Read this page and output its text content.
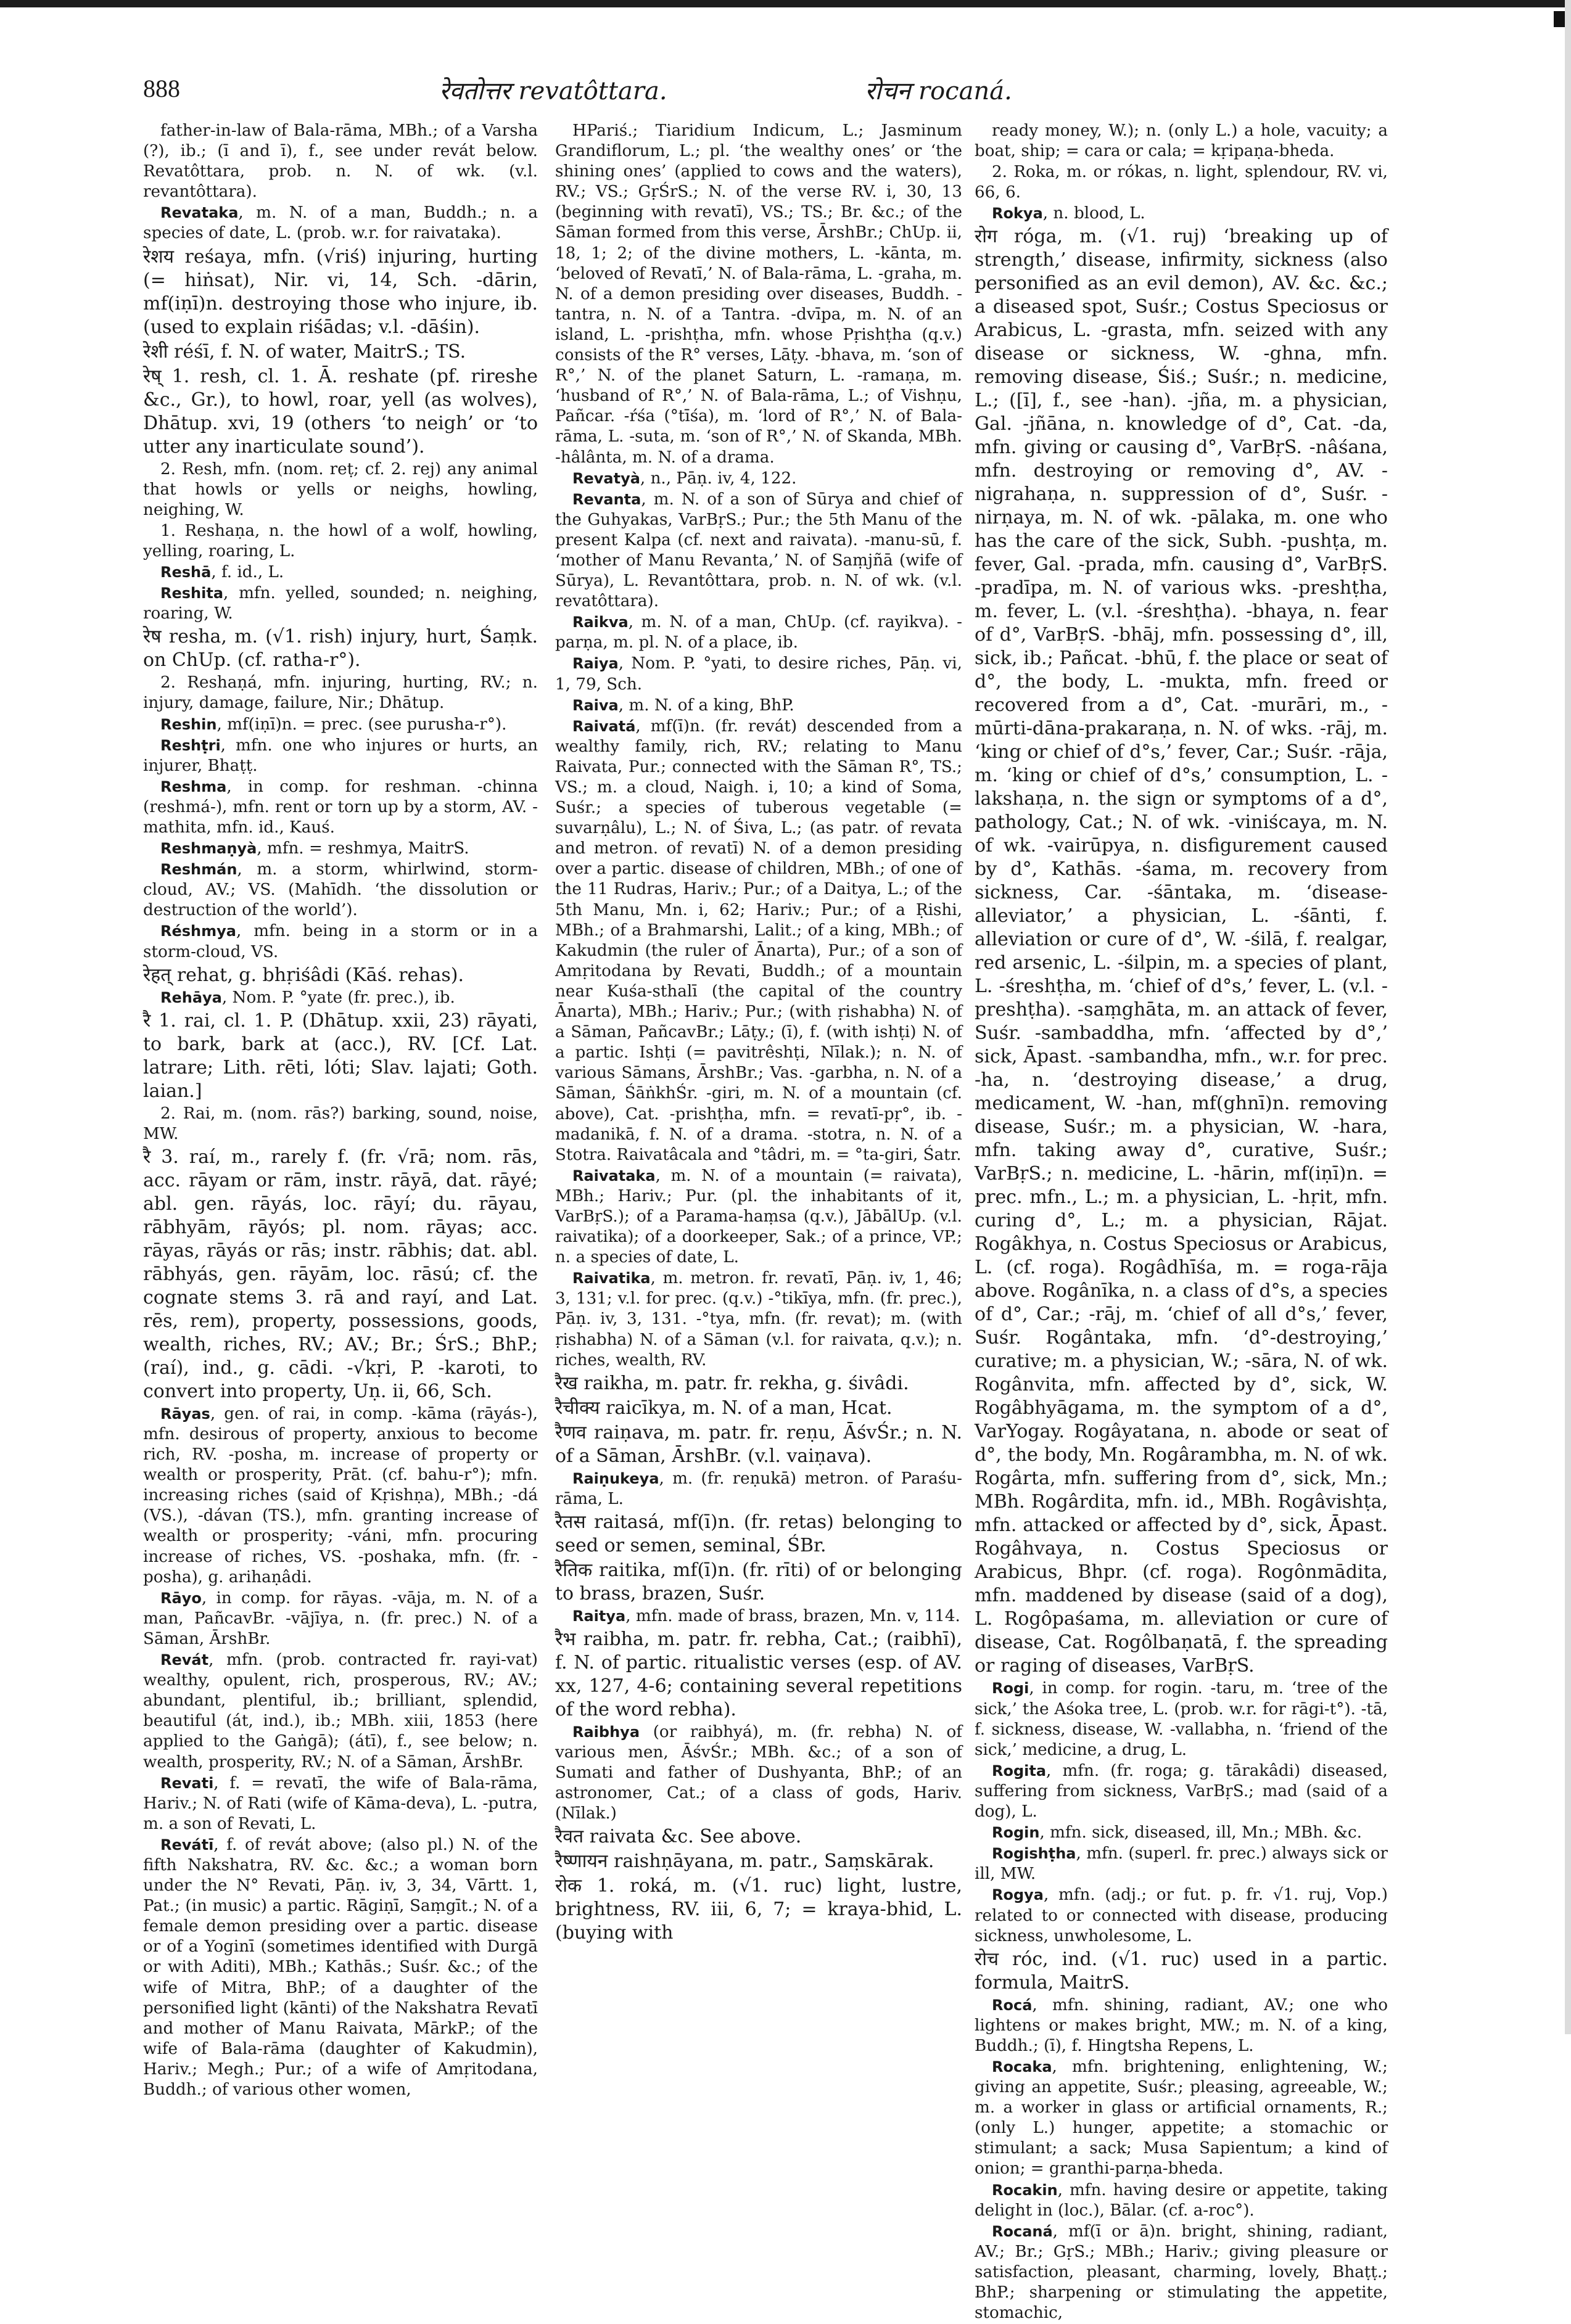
888	रेवतोत्तर revatôttara.	रोचन rocaná.

father-in-law of Bala-rāma, MBh.; of a Varsha (?), ib.; (ī and ī), f., see under revát below. Revatôttara, prob. n. N. of wk. (v.l. revantôttara).

Revataka, m. N. of a man, Buddh.; n. a species of date, L. (prob. w.r. for raivataka).

रेशय reśaya, mfn. (√riś) injuring, hurting (= hiṅsat), Nir. vi, 14, Sch. -dārin, mf(iṇī)n. destroying those who injure, ib. (used to explain riśādas; v.l. -dāśin).

रेशी réśī, f. N. of water, MaitrS.; TS.

रेष् 1. resh, cl. 1. Ā. reshate (pf. rireshe &c., Gr.), to howl, roar, yell (as wolves), Dhātup. xvi, 19 (others ‘to neigh’ or ‘to utter any inarticulate sound’).

2. Resh, mfn. (nom. reṭ; cf. 2. rej) any animal that howls or yells or neighs, howling, neighing, W.

1. Reshaṇa, n. the howl of a wolf, howling, yelling, roaring, L.

Reshā, f. id., L.

Reshita, mfn. yelled, sounded; n. neighing, roaring, W.

रेष resha, m. (√1. rish) injury, hurt, Śaṃk. on ChUp. (cf. ratha-r°).

2. Reshaṇá, mfn. injuring, hurting, RV.; n. injury, damage, failure, Nir.; Dhātup.

Reshin, mf(iṇī)n. = prec. (see purusha-r°).

Reshṭri, mfn. one who injures or hurts, an injurer, Bhaṭṭ.

Reshma, in comp. for reshman. -chinna (reshmá-), mfn. rent or torn up by a storm, AV. -mathita, mfn. id., Kauś.

Reshmaṇyà, mfn. = reshmya, MaitrS.

Reshmán, m. a storm, whirlwind, storm-cloud, AV.; VS. (Mahīdh. ‘the dissolution or destruction of the world’).

Réshmya, mfn. being in a storm or in a storm-cloud, VS.

रेहत् rehat, g. bhṛiśâdi (Kāś. rehas).

Rehāya, Nom. P. °yate (fr. prec.), ib.

रै 1. rai, cl. 1. P. (Dhātup. xxii, 23) rāyati, to bark, bark at (acc.), RV. [Cf. Lat. latrare; Lith. rēti, lóti; Slav. lajati; Goth. laian.]

2. Rai, m. (nom. rās?) barking, sound, noise, MW.

रै 3. raí, m., rarely f. (fr. √rā; nom. rās, acc. rāyam or rām, instr. rāyā, dat. rāyé; abl. gen. rāyás, loc. rāyí; du. rāyau, rābhyām, rāyós; pl. nom. rāyas; acc. rāyas, rāyás or rās; instr. rābhis; dat. abl. rābhyás, gen. rāyām, loc. rāsú; cf. the cognate stems 3. rā and rayí, and Lat. rēs, rem), property, possessions, goods, wealth, riches, RV.; AV.; Br.; ŚrS.; BhP.; (raí), ind., g. cādi. -√kṛi, P. -karoti, to convert into property, Uṇ. ii, 66, Sch.

Rāyas, gen. of rai, in comp. -kāma (rāyás-), mfn. desirous of property, anxious to become rich, RV. -posha, m. increase of property or wealth or prosperity, Prāt. (cf. bahu-r°); mfn. increasing riches (said of Kṛishṇa), MBh.; -dá (VS.), -dávan (TS.), mfn. granting increase of wealth or prosperity; -váni, mfn. procuring increase of riches, VS. -poshaka, mfn. (fr. -posha), g. arihaṇâdi.

Rāyo, in comp. for rāyas. -vāja, m. N. of a man, PañcavBr. -vājīya, n. (fr. prec.) N. of a Sāman, ĀrshBr.

Revát, mfn. (prob. contracted fr. rayi-vat) wealthy, opulent, rich, prosperous, RV.; AV.; abundant, plentiful, ib.; brilliant, splendid, beautiful (át, ind.), ib.; MBh. xiii, 1853 (here applied to the Gaṅgā); (átī), f., see below; n. wealth, prosperity, RV.; N. of a Sāman, ĀrshBr.

Revati, f. = revatī, the wife of Bala-rāma, Hariv.; N. of Rati (wife of Kāma-deva), L. -putra, m. a son of Revati, L.

Revátī, f. of revát above; (also pl.) N. of the fifth Nakshatra, RV. &c. &c.; a woman born under the N° Revati, Pāṇ. iv, 3, 34, Vārtt. 1, Pat.; (in music) a partic. Rāgiṇī, Saṃgīt.; N. of a female demon presiding over a partic. disease or of a Yoginī (sometimes identified with Durgā or with Aditi), MBh.; Kathās.; Suśr. &c.; of the wife of Mitra, BhP.; of a daughter of the personified light (kānti) of the Nakshatra Revatī and mother of Manu Raivata, MārkP.; of the wife of Bala-rāma (daughter of Kakudmin), Hariv.; Megh.; Pur.; of a wife of Amṛitodana, Buddh.; of various other women,

HPariś.; Tiaridium Indicum, L.; Jasminum Grandiflorum, L.; pl. ‘the wealthy ones’ or ‘the shining ones’ (applied to cows and the waters), RV.; VS.; GṛŚrS.; N. of the verse RV. i, 30, 13 (beginning with revatī), VS.; TS.; Br. &c.; of the Sāman formed from this verse, ĀrshBr.; ChUp. ii, 18, 1; 2; of the divine mothers, L. -kānta, m. ‘beloved of Revatī,’ N. of Bala-rāma, L. -graha, m. N. of a demon presiding over diseases, Buddh. -tantra, n. N. of a Tantra. -dvīpa, m. N. of an island, L. -prishṭha, mfn. whose Pṛishṭha (q.v.) consists of the R° verses, Lāṭy. -bhava, m. ‘son of R°,’ N. of the planet Saturn, L. -ramaṇa, m. ‘husband of R°,’ N. of Bala-rāma, L.; of Vishṇu, Pañcar. -ŕśa (°tīśa), m. ‘lord of R°,’ N. of Bala-rāma, L. -suta, m. ‘son of R°,’ N. of Skanda, MBh. -hâlânta, m. N. of a drama.

Revatyà, n., Pāṇ. iv, 4, 122.

Revanta, m. N. of a son of Sūrya and chief of the Guhyakas, VarBṛS.; Pur.; the 5th Manu of the present Kalpa (cf. next and raivata). -manu-sū, f. ‘mother of Manu Revanta,’ N. of Saṃjñā (wife of Sūrya), L. Revantôttara, prob. n. N. of wk. (v.l. revatôttara).

Raikva, m. N. of a man, ChUp. (cf. rayikva). -parṇa, m. pl. N. of a place, ib.

Raiya, Nom. P. °yati, to desire riches, Pāṇ. vi, 1, 79, Sch.

Raiva, m. N. of a king, BhP.

Raivatá, mf(ī)n. (fr. revát) descended from a wealthy family, rich, RV.; relating to Manu Raivata, Pur.; connected with the Sāman R°, TS.; VS.; m. a cloud, Naigh. i, 10; a kind of Soma, Suśr.; a species of tuberous vegetable (= suvarṇâlu), L.; N. of Śiva, L.; (as patr. of revata and metron. of revatī) N. of a demon presiding over a partic. disease of children, MBh.; of one of the 11 Rudras, Hariv.; Pur.; of a Daitya, L.; of the 5th Manu, Mn. i, 62; Hariv.; Pur.; of a Ṛishi, MBh.; of a Brahmarshi, Lalit.; of a king, MBh.; of Kakudmin (the ruler of Ānarta), Pur.; of a son of Amṛitodana by Revati, Buddh.; of a mountain near Kuśa-sthalī (the capital of the country Ānarta), MBh.; Hariv.; Pur.; (with ṛishabha) N. of a Sāman, PañcavBr.; Lāṭy.; (ī), f. (with ishṭi) N. of a partic. Ishṭi (= pavitrêshṭi, Nīlak.); n. N. of various Sāmans, ĀrshBr.; Vas. -garbha, n. N. of a Sāman, ŚāṅkhŚr. -giri, m. N. of a mountain (cf. above), Cat. -prishṭha, mfn. = revatī-pṛ°, ib. -madanikā, f. N. of a drama. -stotra, n. N. of a Stotra. Raivatâcala and °tâdri, m. = °ta-giri, Śatr.

Raivataka, m. N. of a mountain (= raivata), MBh.; Hariv.; Pur. (pl. the inhabitants of it, VarBṛS.); of a Parama-haṃsa (q.v.), JābālUp. (v.l. raivatika); of a doorkeeper, Sak.; of a prince, VP.; n. a species of date, L.

Raivatika, m. metron. fr. revatī, Pāṇ. iv, 1, 46; 3, 131; v.l. for prec. (q.v.) -°tikīya, mfn. (fr. prec.), Pāṇ. iv, 3, 131. -°tya, mfn. (fr. revat); m. (with ṛishabha) N. of a Sāman (v.l. for raivata, q.v.); n. riches, wealth, RV.

रैख raikha, m. patr. fr. rekha, g. śivâdi.

रैचीक्य raicīkya, m. N. of a man, Hcat.

रैणव raiṇava, m. patr. fr. reṇu, ĀśvŚr.; n. N. of a Sāman, ĀrshBr. (v.l. vaiṇava).

Raiṇukeya, m. (fr. reṇukā) metron. of Paraśu-rāma, L.

रैतस raitasá, mf(ī)n. (fr. retas) belonging to seed or semen, seminal, ŚBr.

रैतिक raitika, mf(ī)n. (fr. rīti) of or belonging to brass, brazen, Suśr.

Raitya, mfn. made of brass, brazen, Mn. v, 114.

रैभ raibha, m. patr. fr. rebha, Cat.; (raibhī), f. N. of partic. ritualistic verses (esp. of AV. xx, 127, 4-6; containing several repetitions of the word rebha).

Raibhya (or raibhyá), m. (fr. rebha) N. of various men, ĀśvŚr.; MBh. &c.; of a son of Sumati and father of Dushyanta, BhP.; of an astronomer, Cat.; of a class of gods, Hariv. (Nīlak.)

रैवत raivata &c. See above.

रैष्णायन raishṇāyana, m. patr., Saṃskārak.

रोक 1. roká, m. (√1. ruc) light, lustre, brightness, RV. iii, 6, 7; = kraya-bhid, L. (buying with

ready money, W.); n. (only L.) a hole, vacuity; a boat, ship; = cara or cala; = kṛipaṇa-bheda.

2. Roka, m. or rókas, n. light, splendour, RV. vi, 66, 6.

Rokya, n. blood, L.

रोग róga, m. (√1. ruj) ‘breaking up of strength,’ disease, infirmity, sickness (also personified as an evil demon), AV. &c. &c.; a diseased spot, Suśr.; Costus Speciosus or Arabicus, L. -grasta, mfn. seized with any disease or sickness, W. -ghna, mfn. removing disease, Śiś.; Suśr.; n. medicine, L.; ([ī], f., see -han). -jña, m. a physician, Gal. -jñāna, n. knowledge of d°, Cat. -da, mfn. giving or causing d°, VarBṛS. -nâśana, mfn. destroying or removing d°, AV. -nigrahaṇa, n. suppression of d°, Suśr. -nirṇaya, m. N. of wk. -pālaka, m. one who has the care of the sick, Subh. -pushṭa, m. fever, Gal. -prada, mfn. causing d°, VarBṛS. -pradīpa, m. N. of various wks. -preshṭha, m. fever, L. (v.l. -śreshṭha). -bhaya, n. fear of d°, VarBṛS. -bhāj, mfn. possessing d°, ill, sick, ib.; Pañcat. -bhū, f. the place or seat of d°, the body, L. -mukta, mfn. freed or recovered from a d°, Cat. -murāri, m., -mūrti-dāna-prakaraṇa, n. N. of wks. -rāj, m. ‘king or chief of d°s,’ fever, Car.; Suśr. -rāja, m. ‘king or chief of d°s,’ consumption, L. -lakshaṇa, n. the sign or symptoms of a d°, pathology, Cat.; N. of wk. -viniścaya, m. N. of wk. -vairūpya, n. disfigurement caused by d°, Kathās. -śama, m. recovery from sickness, Car. -śāntaka, m. ‘disease-alleviator,’ a physician, L. -śānti, f. alleviation or cure of d°, W. -śilā, f. realgar, red arsenic, L. -śilpin, m. a species of plant, L. -śreshṭha, m. ‘chief of d°s,’ fever, L. (v.l. -preshṭha). -saṃghāta, m. an attack of fever, Suśr. -sambaddha, mfn. ‘affected by d°,’ sick, Āpast. -sambandha, mfn., w.r. for prec. -ha, n. ‘destroying disease,’ a drug, medicament, W. -han, mf(ghnī)n. removing disease, Suśr.; m. a physician, W. -hara, mfn. taking away d°, curative, Suśr.; VarBṛS.; n. medicine, L. -hārin, mf(iṇī)n. = prec. mfn., L.; m. a physician, L. -hṛit, mfn. curing d°, L.; m. a physician, Rājat. Rogâkhya, n. Costus Speciosus or Arabicus, L. (cf. roga). Rogâdhīśa, m. = roga-rāja above. Rogânīka, n. a class of d°s, a species of d°, Car.; -rāj, m. ‘chief of all d°s,’ fever, Suśr. Rogântaka, mfn. ‘d°-destroying,’ curative; m. a physician, W.; -sāra, N. of wk. Rogânvita, mfn. affected by d°, sick, W. Rogâbhyāgama, m. the symptom of a d°, VarYogay. Rogâyatana, n. abode or seat of d°, the body, Mn. Rogârambha, m. N. of wk. Rogârta, mfn. suffering from d°, sick, Mn.; MBh. Rogârdita, mfn. id., MBh. Rogâvishṭa, mfn. attacked or affected by d°, sick, Āpast. Rogâhvaya, n. Costus Speciosus or Arabicus, Bhpr. (cf. roga). Rogônmādita, mfn. maddened by disease (said of a dog), L. Rogôpaśama, m. alleviation or cure of disease, Cat. Rogôlbaṇatā, f. the spreading or raging of diseases, VarBṛS.

Rogi, in comp. for rogin. -taru, m. ‘tree of the sick,’ the Aśoka tree, L. (prob. w.r. for rāgi-t°). -tā, f. sickness, disease, W. -vallabha, n. ‘friend of the sick,’ medicine, a drug, L.

Rogita, mfn. (fr. roga; g. tārakâdi) diseased, suffering from sickness, VarBṛS.; mad (said of a dog), L.

Rogin, mfn. sick, diseased, ill, Mn.; MBh. &c.

Rogishṭha, mfn. (superl. fr. prec.) always sick or ill, MW.

Rogya, mfn. (adj.; or fut. p. fr. √1. ruj, Vop.) related to or connected with disease, producing sickness, unwholesome, L.

रोच róc, ind. (√1. ruc) used in a partic. formula, MaitrS.

Rocá, mfn. shining, radiant, AV.; one who lightens or makes bright, MW.; m. N. of a king, Buddh.; (ī), f. Hingtsha Repens, L.

Rocaka, mfn. brightening, enlightening, W.; giving an appetite, Suśr.; pleasing, agreeable, W.; m. a worker in glass or artificial ornaments, R.; (only L.) hunger, appetite; a stomachic or stimulant; a sack; Musa Sapientum; a kind of onion; = granthi-parṇa-bheda.

Rocakin, mfn. having desire or appetite, taking delight in (loc.), Bālar. (cf. a-roc°).

Rocaná, mf(ī or ā)n. bright, shining, radiant, AV.; Br.; GṛS.; MBh.; Hariv.; giving pleasure or satisfaction, pleasant, charming, lovely, Bhaṭṭ.; BhP.; sharpening or stimulating the appetite, stomachic,
